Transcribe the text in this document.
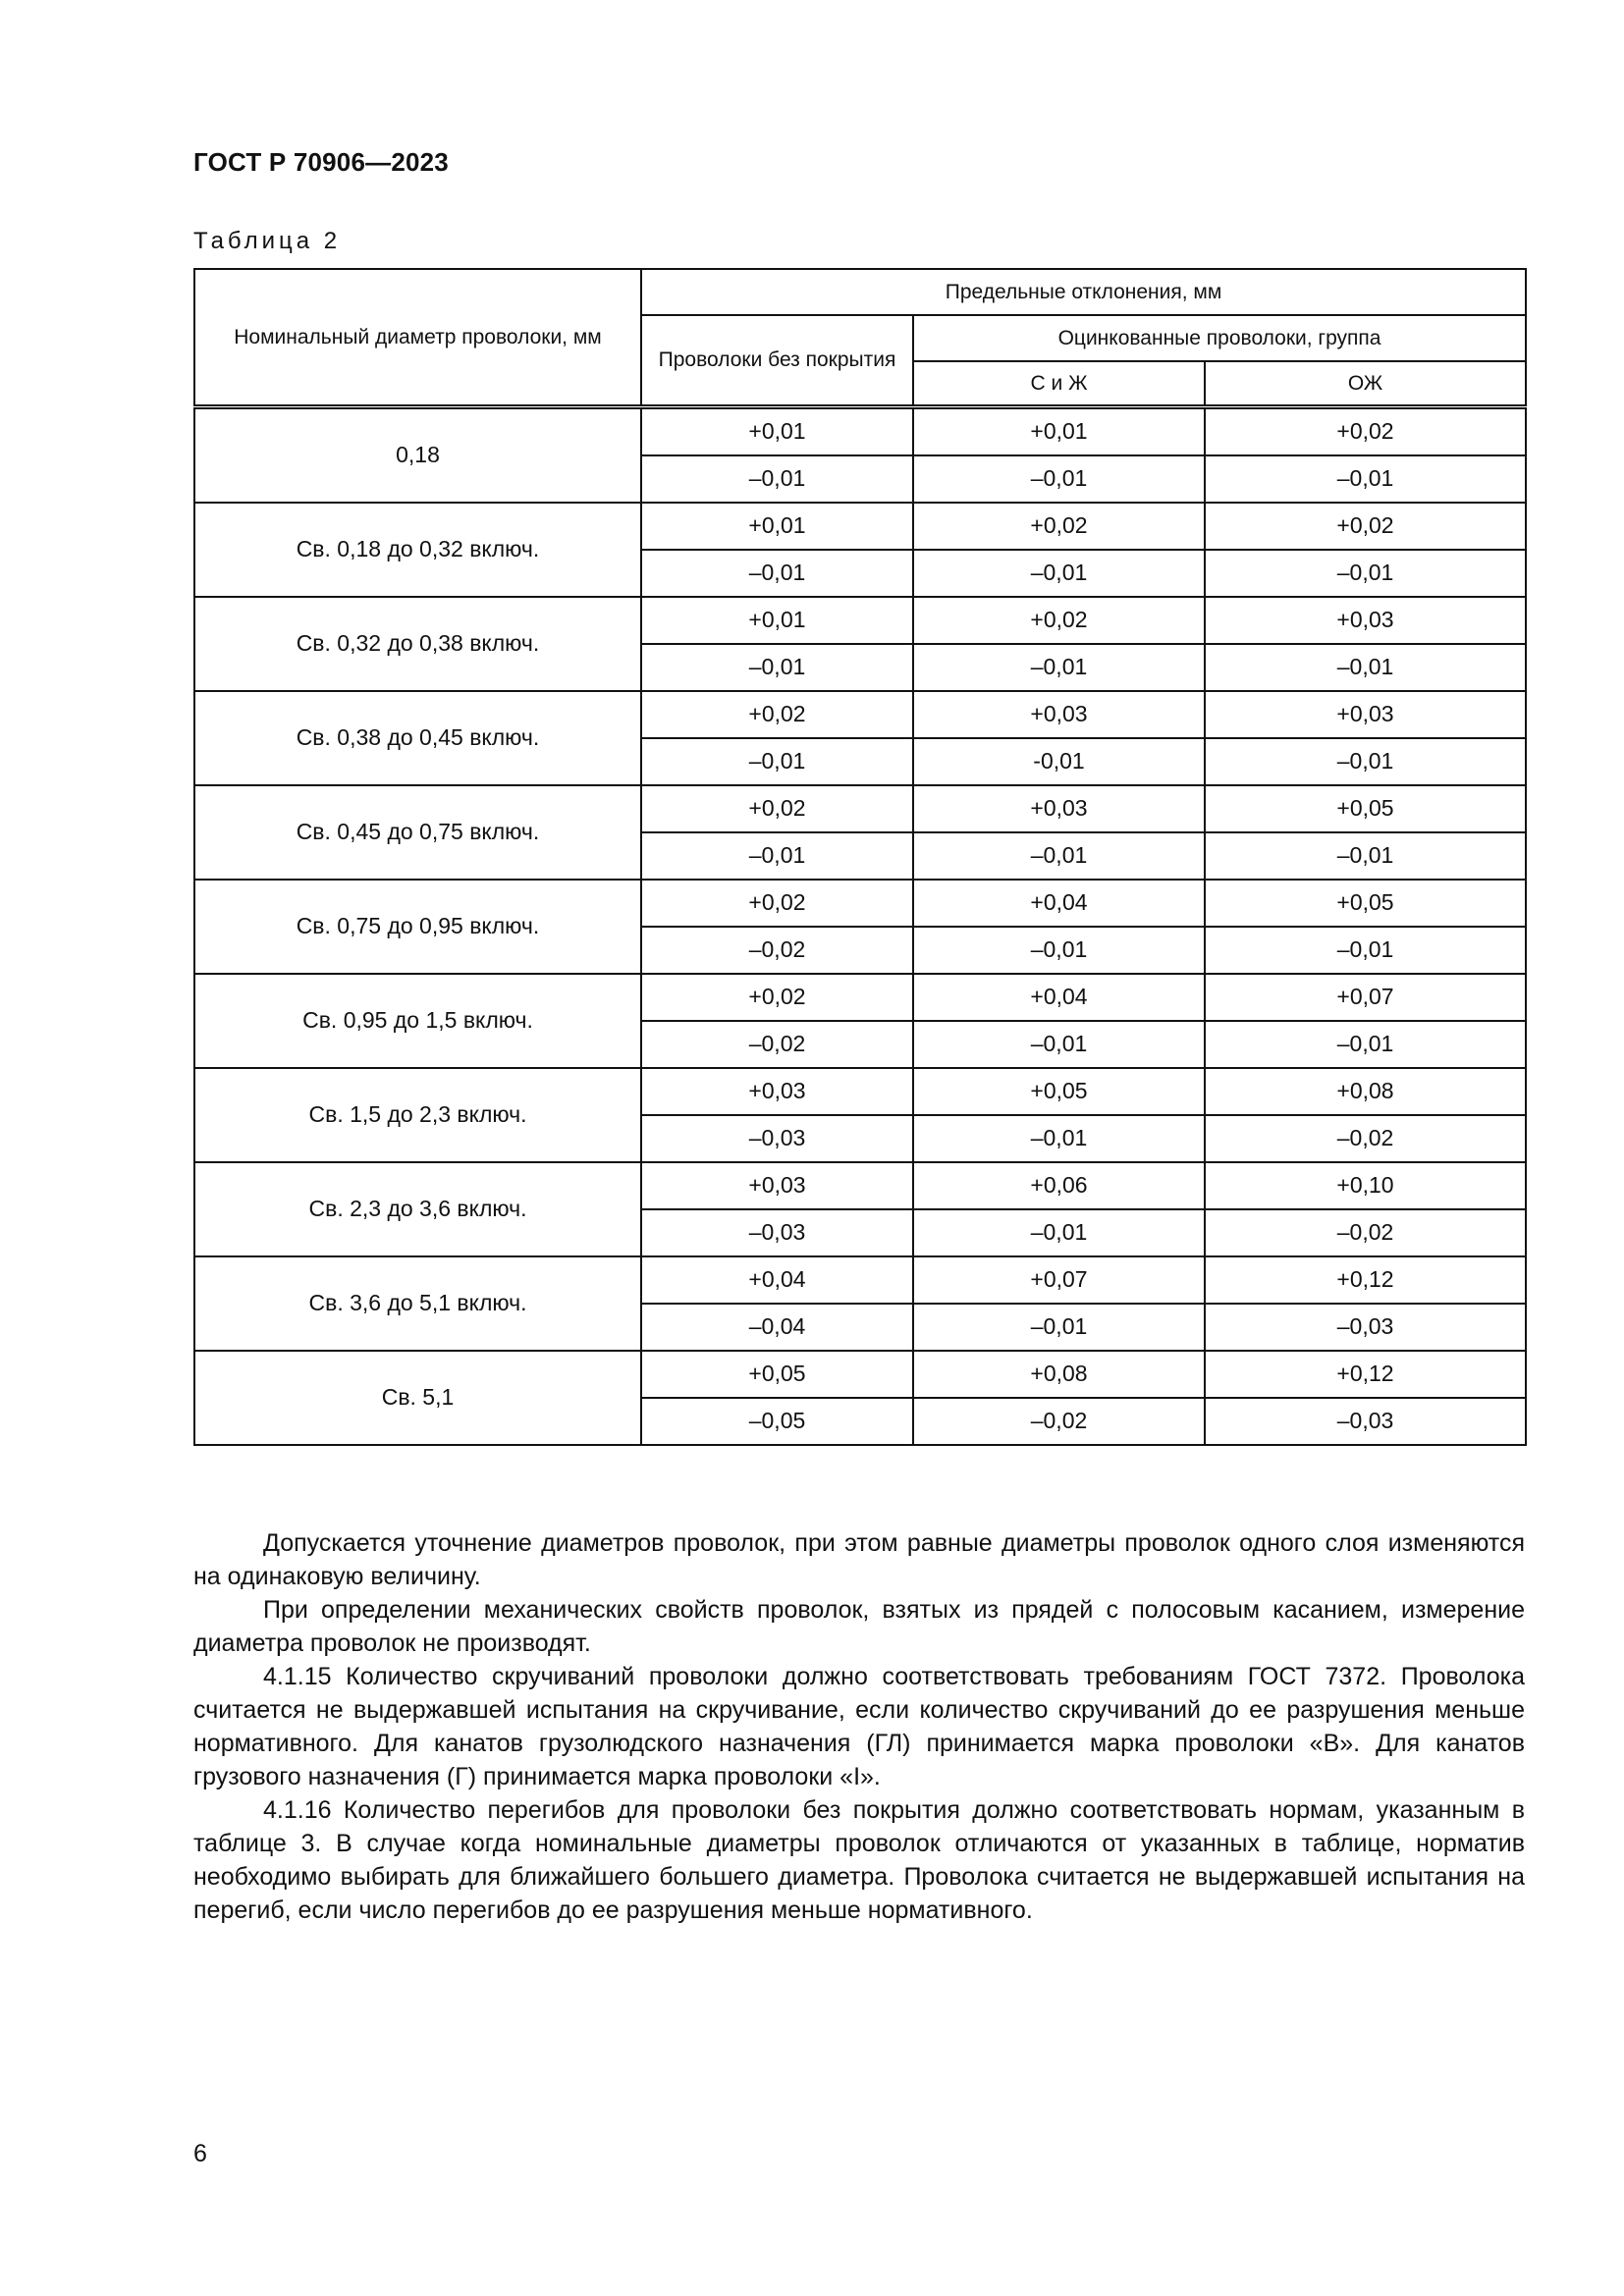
ГОСТ Р 70906—2023
Таблица 2
Номинальный диаметр проволоки, мм	Предельные отклонения, мм		
	Проволоки без покрытия	Оцинкованные проволоки, группа	
		С и Ж	ОЖ
0,18	+0,01	+0,01	+0,02
	–0,01	–0,01	–0,01
Св. 0,18 до 0,32 включ.	+0,01	+0,02	+0,02
	–0,01	–0,01	–0,01
Св. 0,32 до 0,38 включ.	+0,01	+0,02	+0,03
	–0,01	–0,01	–0,01
Св. 0,38 до 0,45 включ.	+0,02	+0,03	+0,03
	–0,01	-0,01	–0,01
Св. 0,45 до 0,75 включ.	+0,02	+0,03	+0,05
	–0,01	–0,01	–0,01
Св. 0,75 до 0,95 включ.	+0,02	+0,04	+0,05
	–0,02	–0,01	–0,01
Св. 0,95 до 1,5 включ.	+0,02	+0,04	+0,07
	–0,02	–0,01	–0,01
Св. 1,5 до 2,3 включ.	+0,03	+0,05	+0,08
	–0,03	–0,01	–0,02
Св. 2,3 до 3,6 включ.	+0,03	+0,06	+0,10
	–0,03	–0,01	–0,02
Св. 3,6 до 5,1 включ.	+0,04	+0,07	+0,12
	–0,04	–0,01	–0,03
Св. 5,1	+0,05	+0,08	+0,12
	–0,05	–0,02	–0,03

Допускается уточнение диаметров проволок, при этом равные диаметры проволок одного слоя изменяются на одинаковую величину.

При определении механических свойств проволок, взятых из прядей с полосовым касанием, измерение диаметра проволок не производят.

4.1.15 Количество скручиваний проволоки должно соответствовать требованиям ГОСТ 7372. Проволока считается не выдержавшей испытания на скручивание, если количество скручиваний до ее разрушения меньше нормативного. Для канатов грузолюдского назначения (ГЛ) принимается марка проволоки «В». Для канатов грузового назначения (Г) принимается марка проволоки «I».

4.1.16 Количество перегибов для проволоки без покрытия должно соответствовать нормам, указанным в таблице 3. В случае когда номинальные диаметры проволок отличаются от указанных в таблице, норматив необходимо выбирать для ближайшего большего диаметра. Проволока считается не выдержавшей испытания на перегиб, если число перегибов до ее разрушения меньше нормативного.

6
